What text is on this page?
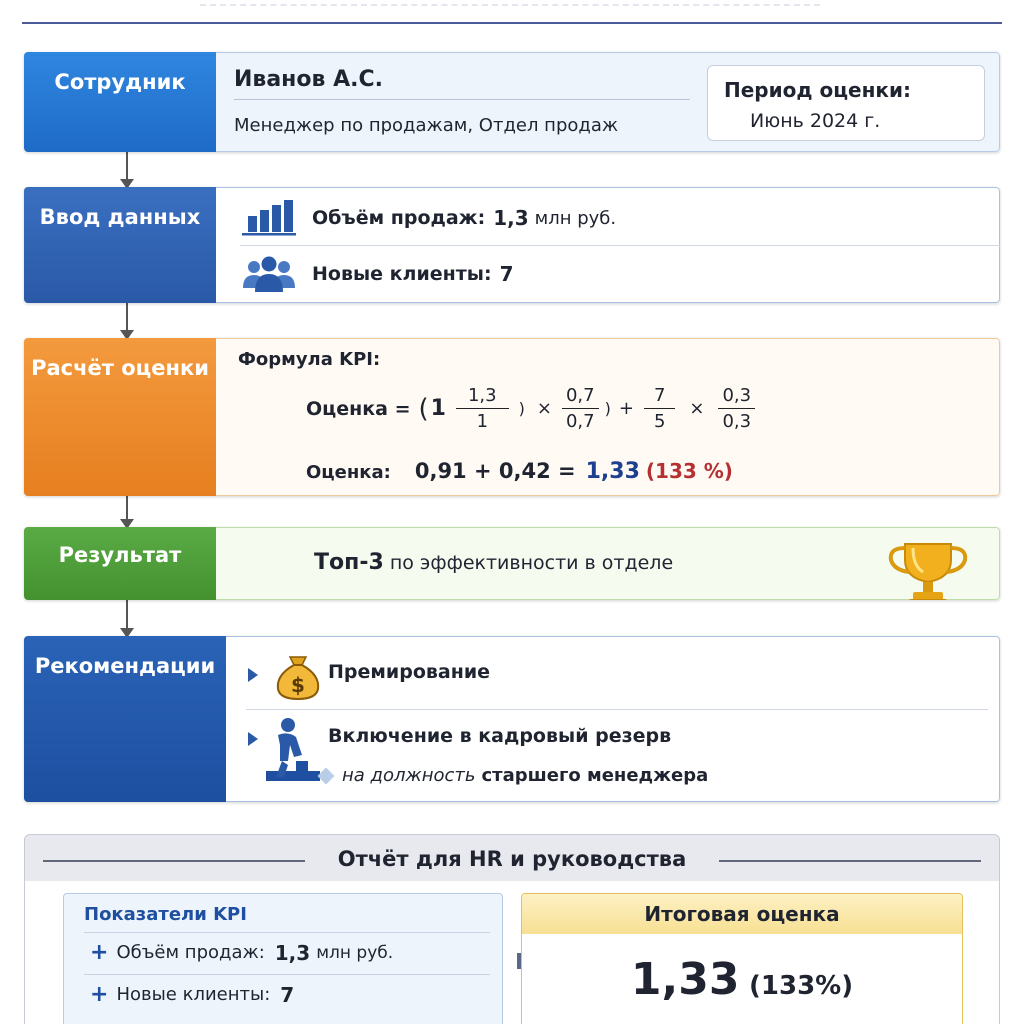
Сотрудник	Иванов А.С.
Менеджер по продажам, Отдел продаж
Период оценки:
Июнь 2024 г.
Ввод данных	Объём продаж: 1,3 млн руб.
Новые клиенты: 7
Расчёт оценки	Формула KPI:
Оценка = ( $1 \frac{1,3}{1}$ ) × $\frac{0,7}{0,7}$ ) + $\frac{7}{5} \times \frac{0,3}{0,3}$
Оценка: 0,91 + 0,42 = 1,33 (133 %)
Результат	Топ-3 по эффективности в отделе
Рекомендации
$
Премирование
Включение в кадровый резерв
на должность старшего менеджера
Отчёт для HR и руководства
Показатели KPI
+ Объём продаж: 1,3 млн руб.
+ Новые клиенты: 7
Итоговая оценка
1,33 (133%)
